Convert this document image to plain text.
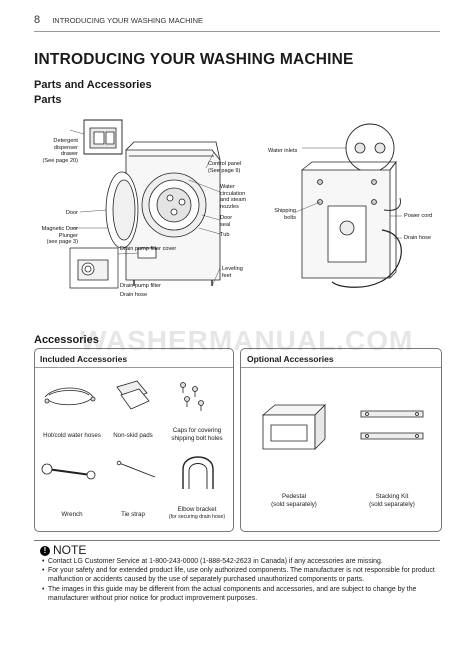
8 INTRODUCING YOUR WASHING MACHINE
INTRODUCING YOUR WASHING MACHINE
Parts and Accessories
Parts
Detergent
dispenser
drawer
(See page 20)
Door
Magnetic Door
Plunger
(see page 3)
Control panel
(See page 9)
Water
circulation
and steam
nozzles
Door
seal
Tub
Drain pump filter cover
Drain pump filter
Drain hose
Leveling
feet
Water inlets
Shipping
bolts	Power cord
Drain hose
WASHERMANUAL.COM
Accessories
Included Accessories
Hot/cold water hoses	Non-skid pads
Caps for covering
shipping bolt holes
Wrench	Tie strap
Elbow bracket
(for securing drain hose)
Optional Accessories
Pedestal
(sold separately)
Stacking Kit
(sold separately)
! NOTE
• Contact LG Customer Service at 1-800-243-0000 (1-888-542-2623 in Canada) if any accessories are missing.
• For your safety and for extended product life, use only authorized components. The manufacturer is not responsible for product malfunction or accidents caused by the use of separately purchased unauthorized components or parts.
• The images in this guide may be different from the actual components and accessories, and are subject to change by the manufacturer without prior notice for product improvement purposes.
